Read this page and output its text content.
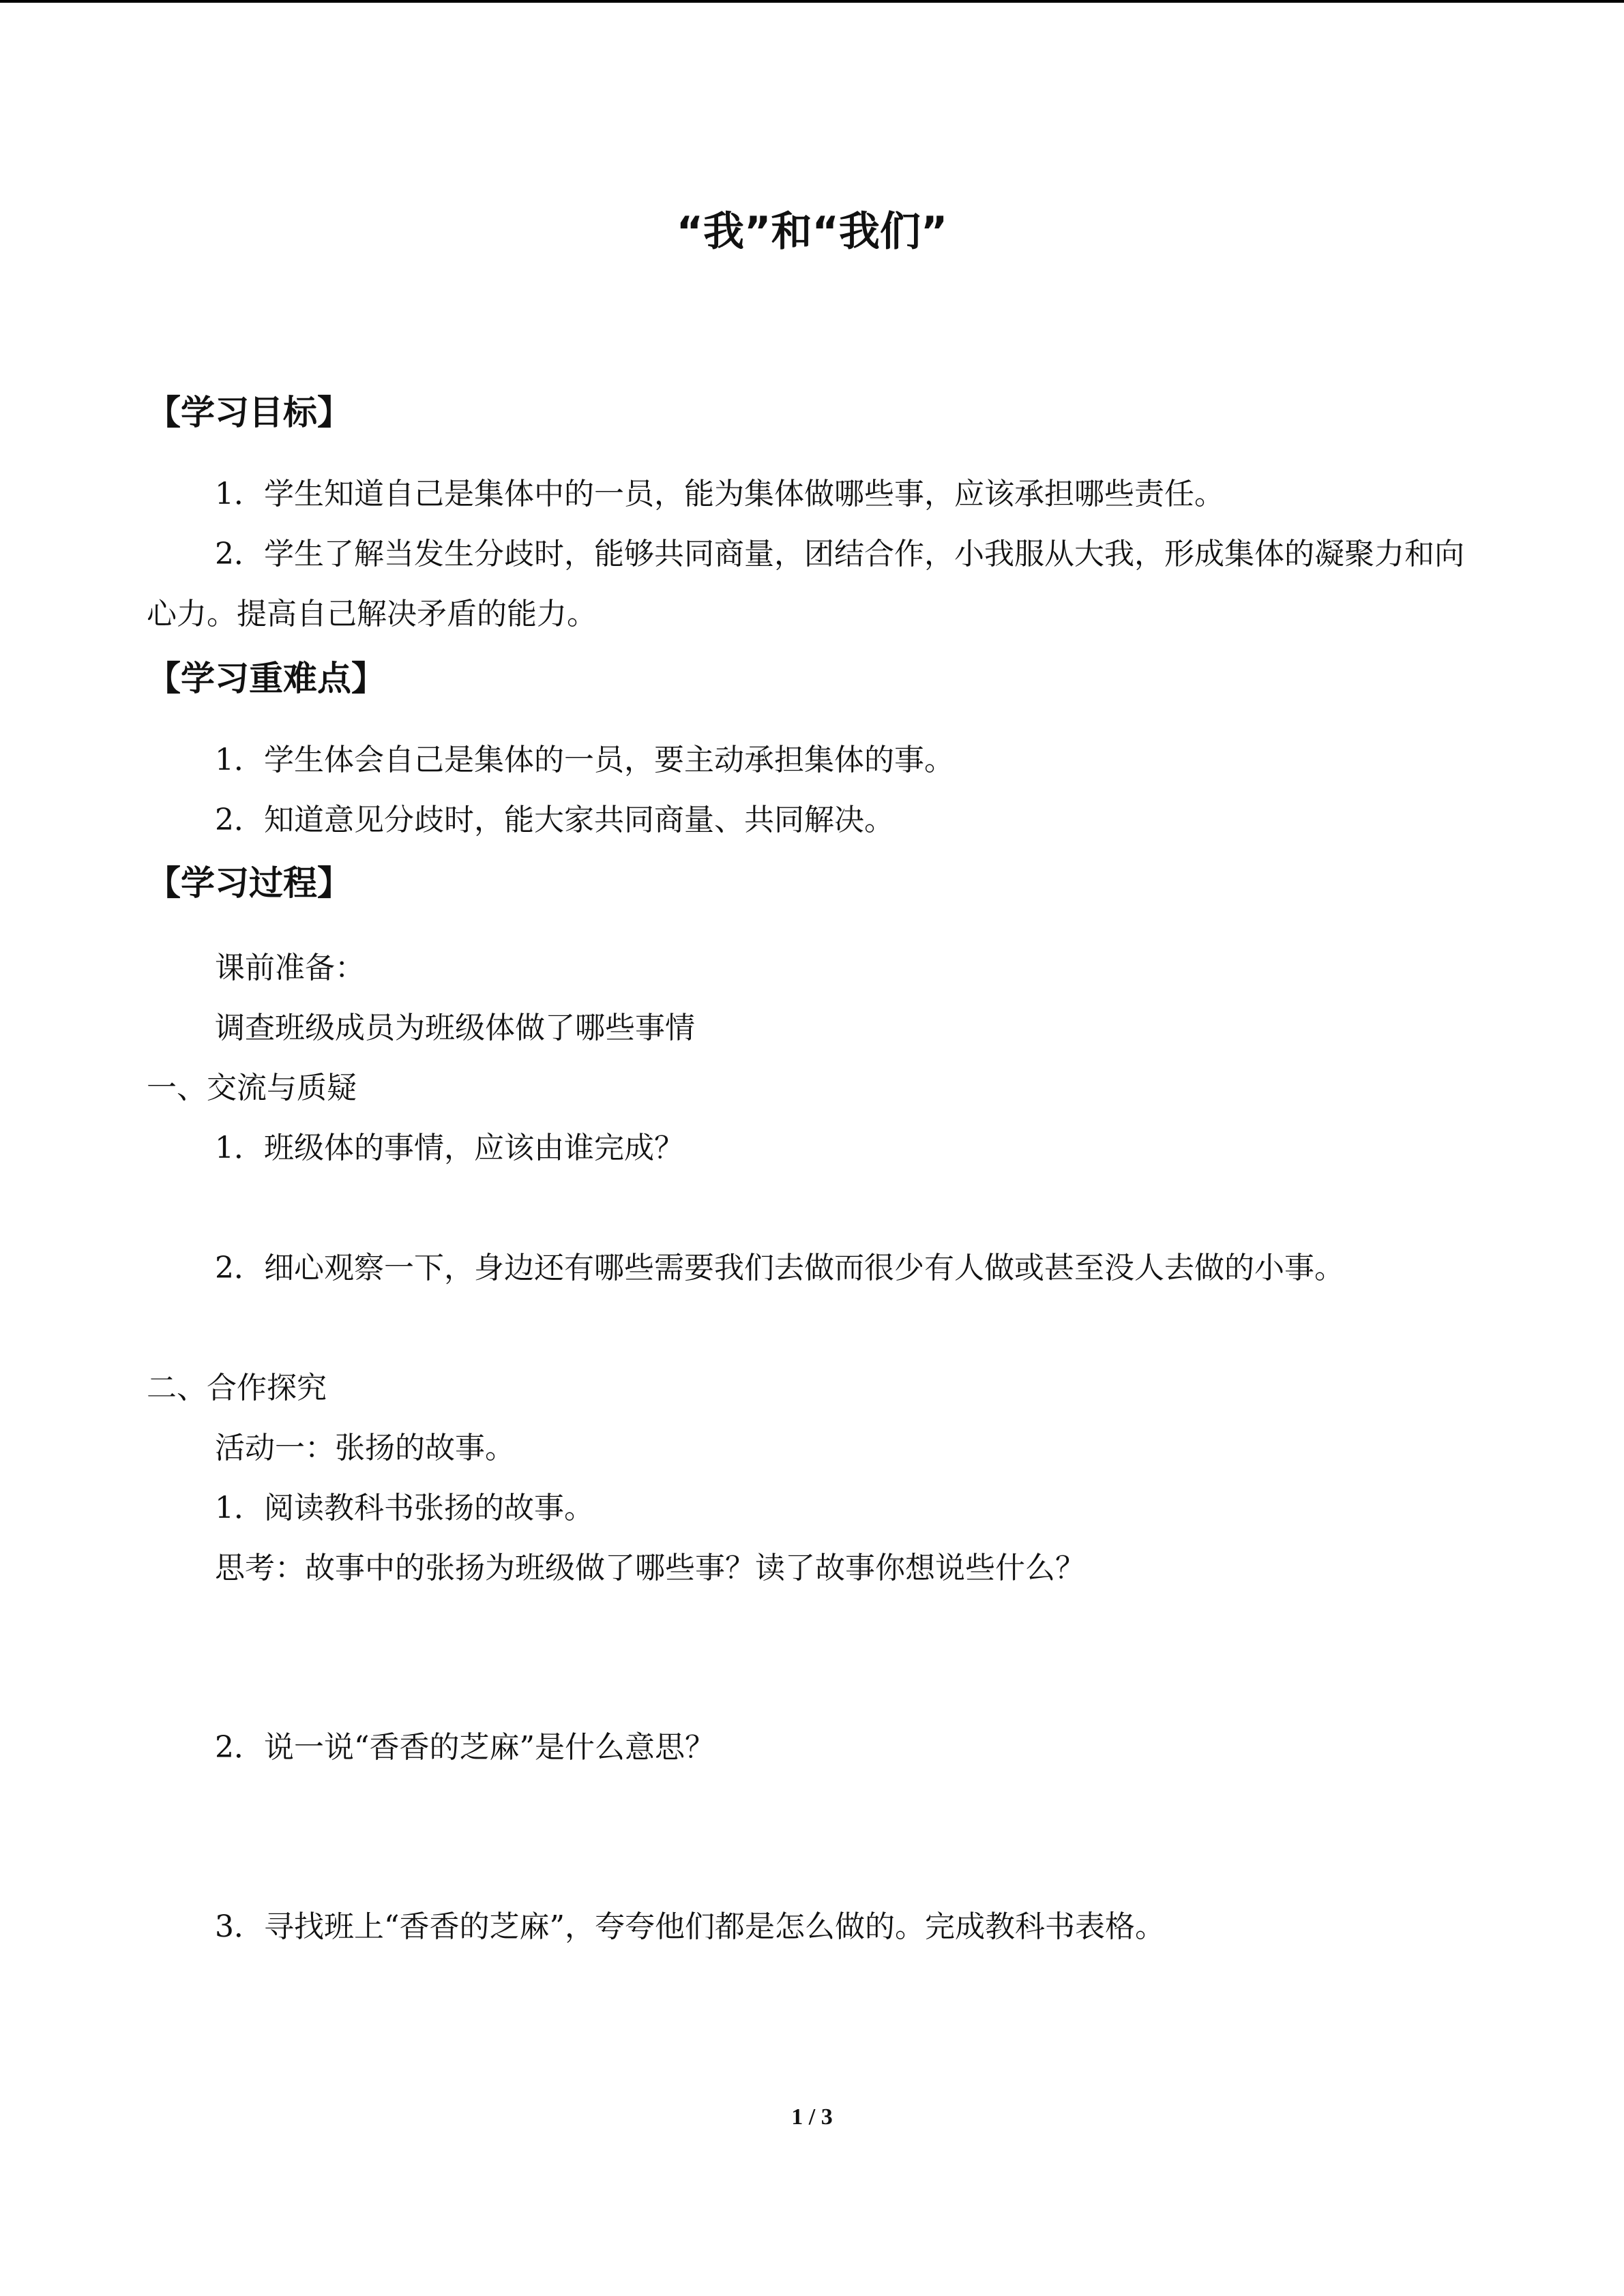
“我”和“我们”
【学习目标】
1．学生知道自己是集体中的一员，能为集体做哪些事，应该承担哪些责任。
2．学生了解当发生分歧时，能够共同商量，团结合作，小我服从大我，形成集体的凝聚力和向心力。提高自己解决矛盾的能力。
【学习重难点】
1．学生体会自己是集体的一员，要主动承担集体的事。
2．知道意见分歧时，能大家共同商量、共同解决。
【学习过程】
课前准备：
调查班级成员为班级体做了哪些事情
一、交流与质疑
1．班级体的事情，应该由谁完成？
2．细心观察一下，身边还有哪些需要我们去做而很少有人做或甚至没人去做的小事。
二、合作探究
活动一：张扬的故事。
1．阅读教科书张扬的故事。
思考：故事中的张扬为班级做了哪些事？读了故事你想说些什么？
2．说一说“香香的芝麻”是什么意思？
3．寻找班上“香香的芝麻”，夸夸他们都是怎么做的。完成教科书表格。
1 / 3
